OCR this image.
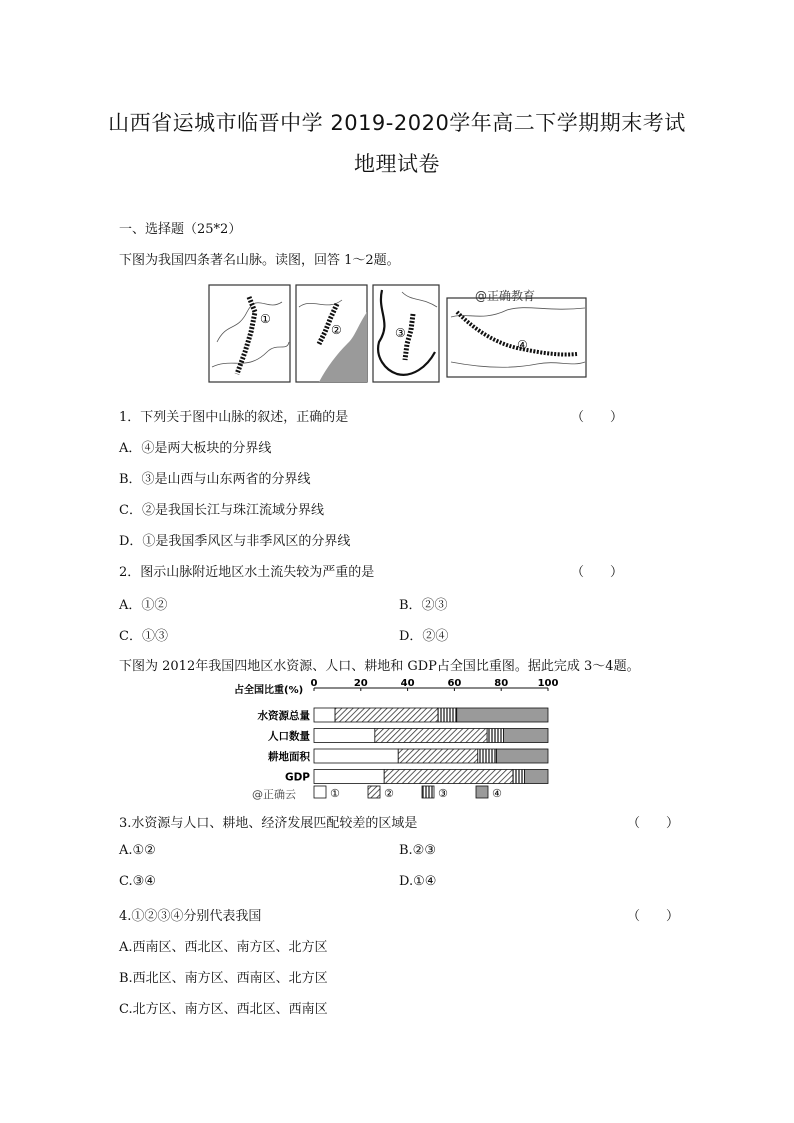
山西省运城市临晋中学 2019-2020学年高二下学期期末考试
地理试卷
一、选择题（25*2）
下图为我国四条著名山脉。读图，回答 1～2题。
①
②	③
④
@正确教育
1．下列关于图中山脉的叙述，正确的是	（　　）
A．④是两大板块的分界线
B．③是山西与山东两省的分界线
C．②是我国长江与珠江流域分界线
D．①是我国季风区与非季风区的分界线
2．图示山脉附近地区水土流失较为严重的是	（　　）
A．①②	B．②③
C．①③	D．②④
下图为 2012年我国四地区水资源、人口、耕地和 GDP占全国比重图。据此完成 3～4题。
占全国比重(%)
0	20	40	60	80	100
水资源总量
人口数量
耕地面积
GDP
@正确云	①	②	③	④
3.水资源与人口、耕地、经济发展匹配较差的区域是	（　　）
A.①②	B.②③
C.③④	D.①④
4.①②③④分别代表我国	（　　）
A.西南区、西北区、南方区、北方区
B.西北区、南方区、西南区、北方区
C.北方区、南方区、西北区、西南区
